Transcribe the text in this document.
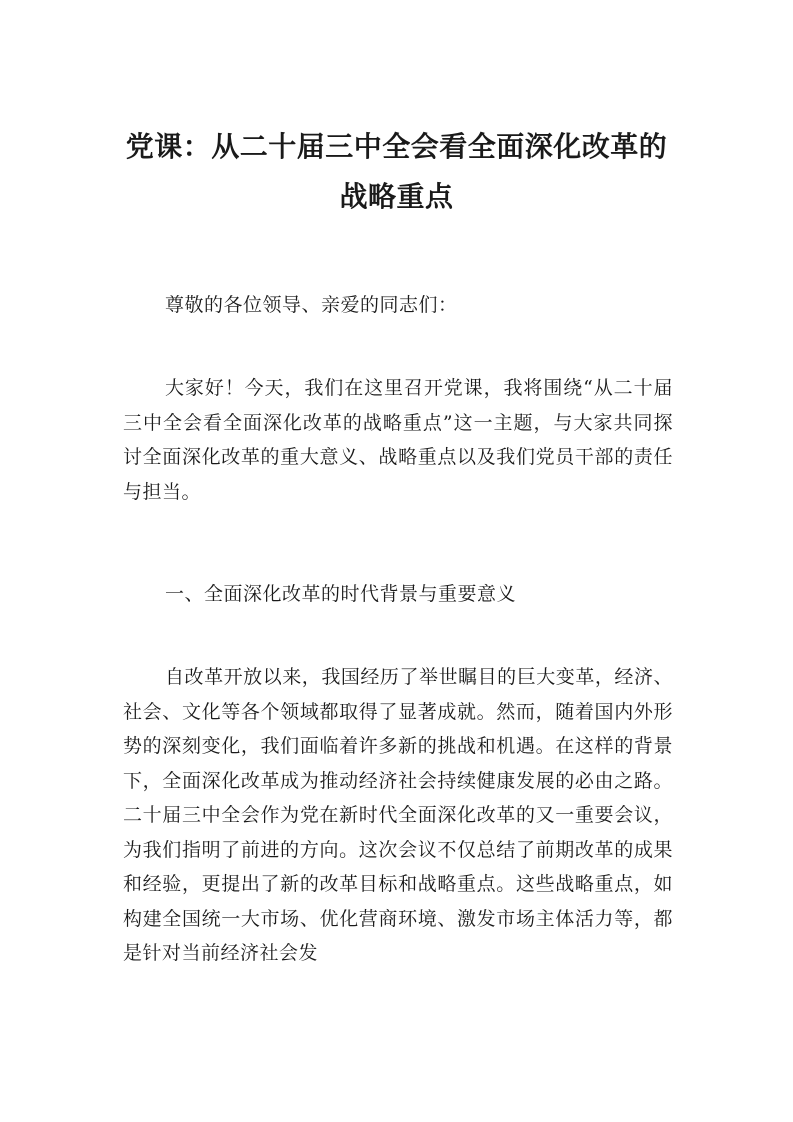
党课：从二十届三中全会看全面深化改革的
战略重点

尊敬的各位领导、亲爱的同志们：

大家好！今天，我们在这里召开党课，我将围绕“从二十届三中全会看全面深化改革的战略重点”这一主题，与大家共同探讨全面深化改革的重大意义、战略重点以及我们党员干部的责任与担当。

一、全面深化改革的时代背景与重要意义

自改革开放以来，我国经历了举世瞩目的巨大变革，经济、社会、文化等各个领域都取得了显著成就。然而，随着国内外形势的深刻变化，我们面临着许多新的挑战和机遇。在这样的背景下，全面深化改革成为推动经济社会持续健康发展的必由之路。二十届三中全会作为党在新时代全面深化改革的又一重要会议，为我们指明了前进的方向。这次会议不仅总结了前期改革的成果和经验，更提出了新的改革目标和战略重点。这些战略重点，如构建全国统一大市场、优化营商环境、激发市场主体活力等，都是针对当前经济社会发
